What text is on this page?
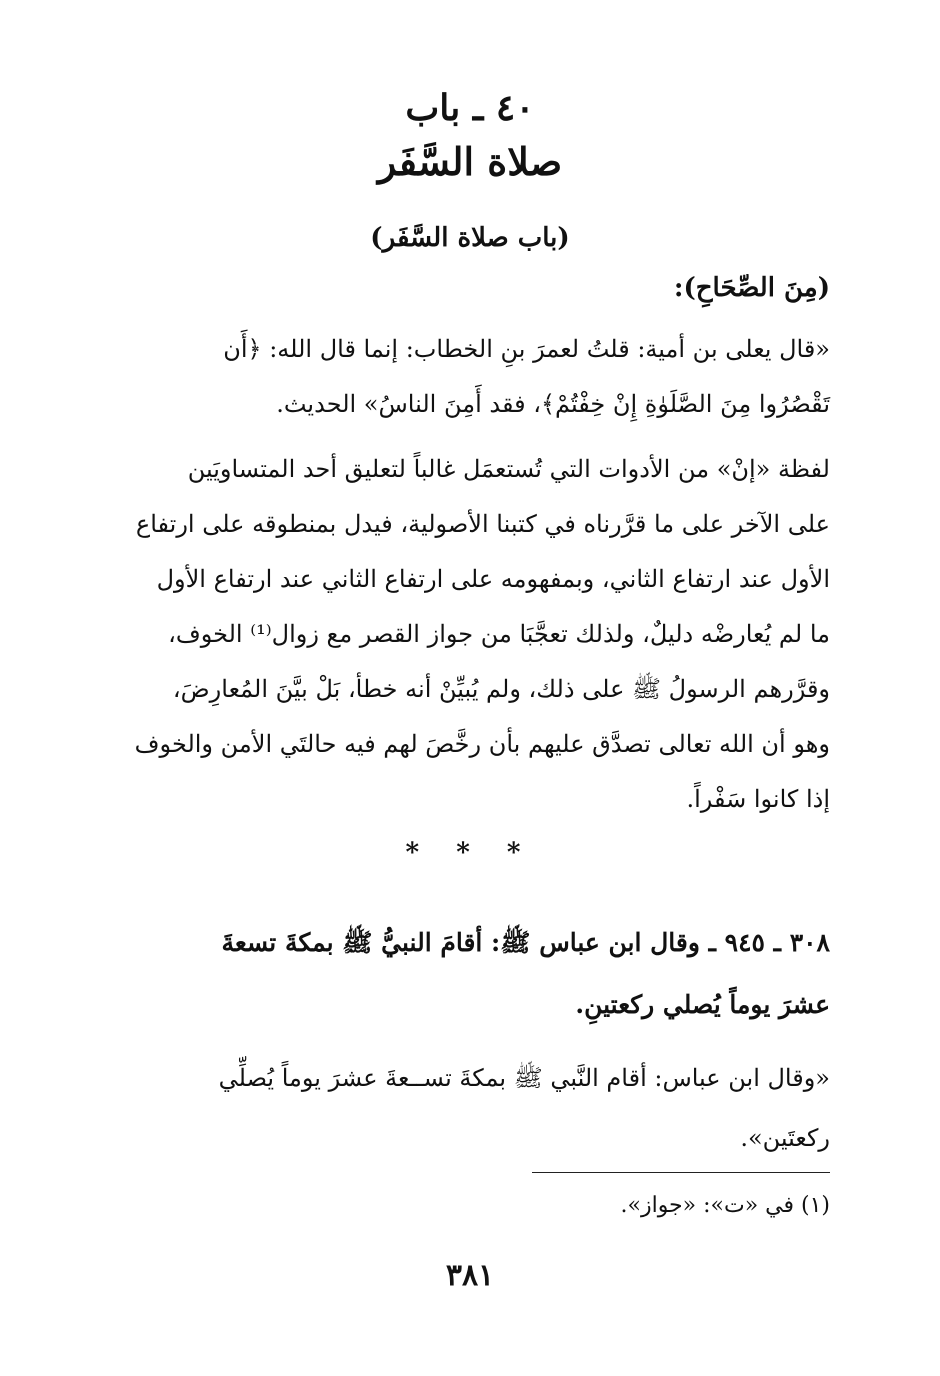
٤٠ ـ باب
صلاة السَّفَر
(باب صلاة السَّفَر)
(مِنَ الصِّحَاحِ):
«قال يعلى بن أمية: قلتُ لعمرَ بنِ الخطاب: إنما قال الله: ﴿أَن
تَقْصُرُوا مِنَ الصَّلَوٰةِ إِنْ خِفْتُمْ﴾، فقد أَمِنَ الناسُ» الحديث.
لفظة «إنْ» من الأدوات التي تُستعمَل غالباً لتعليق أحد المتساويَين
على الآخر على ما قرَّرناه في كتبنا الأصولية، فيدل بمنطوقه على ارتفاع
الأول عند ارتفاع الثاني، وبمفهومه على ارتفاع الثاني عند ارتفاع الأول
ما لم يُعارضْه دليلٌ، ولذلك تعجَّبَا من جواز القصر مع زوال⁽¹⁾ الخوف،
وقرَّرهم الرسولُ ﷺ على ذلك، ولم يُبيِّنْ أنه خطأ، بَلْ بيَّنَ المُعارِضَ،
وهو أن الله تعالى تصدَّق عليهم بأن رخَّصَ لهم فيه حالتَي الأمن والخوف
إذا كانوا سَفْراً.
* * *
٣٠٨ ـ ٩٤٥ ـ وقال ابن عباس ﷺ: أقامَ النبيُّ ﷺ بمكةَ تسعةَ
عشرَ يوماً يُصلي ركعتينِ.
«وقال ابن عباس: أقام النَّبي ﷺ بمكةَ تســعةَ عشرَ يوماً يُصلِّي
ركعتَين».
(١) في «ت»: «جواز».
٣٨١
